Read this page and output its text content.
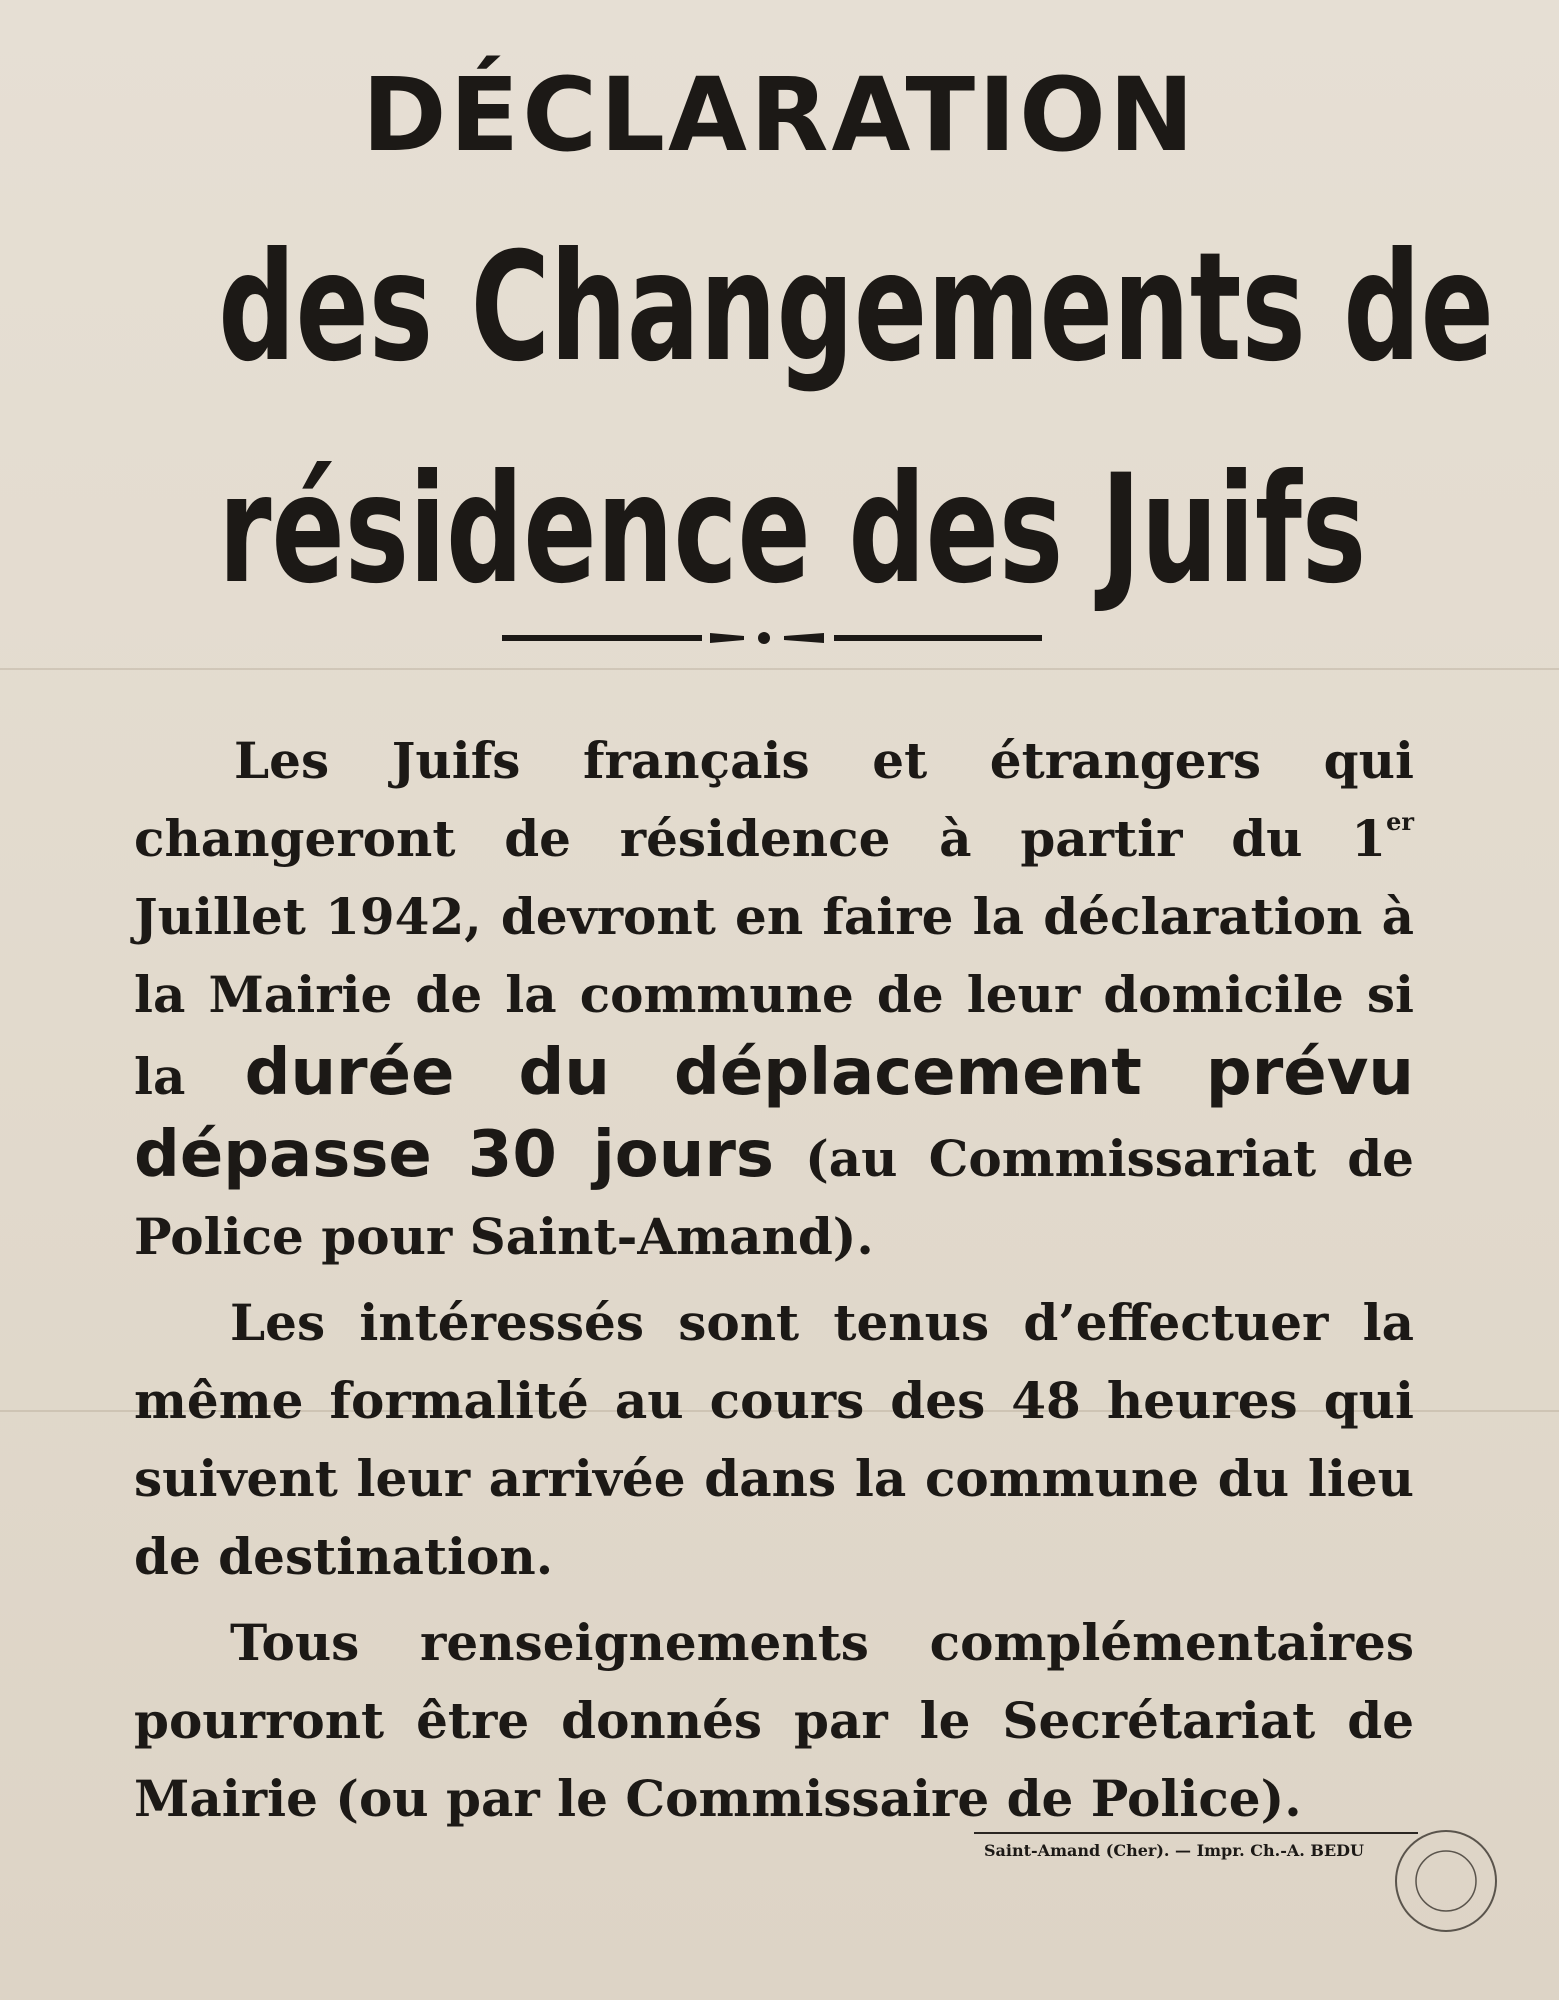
DÉCLARATION
des Changements de
résidence des Juifs

Les Juifs français et étrangers qui changeront de résidence à partir du 1er Juillet 1942, devront en faire la déclaration à la Mairie de la commune de leur domicile si la durée du déplacement prévu dépasse 30 jours (au Commissariat de Police pour Saint-Amand).

Les intéressés sont tenus d’effectuer la même formalité au cours des 48 heures qui suivent leur arrivée dans la commune du lieu de destination.

Tous renseignements complémentaires pourront être donnés par le Secrétariat de Mairie (ou par le Commissaire de Police).

Saint-Amand (Cher). — Impr. Ch.-A. BEDU
